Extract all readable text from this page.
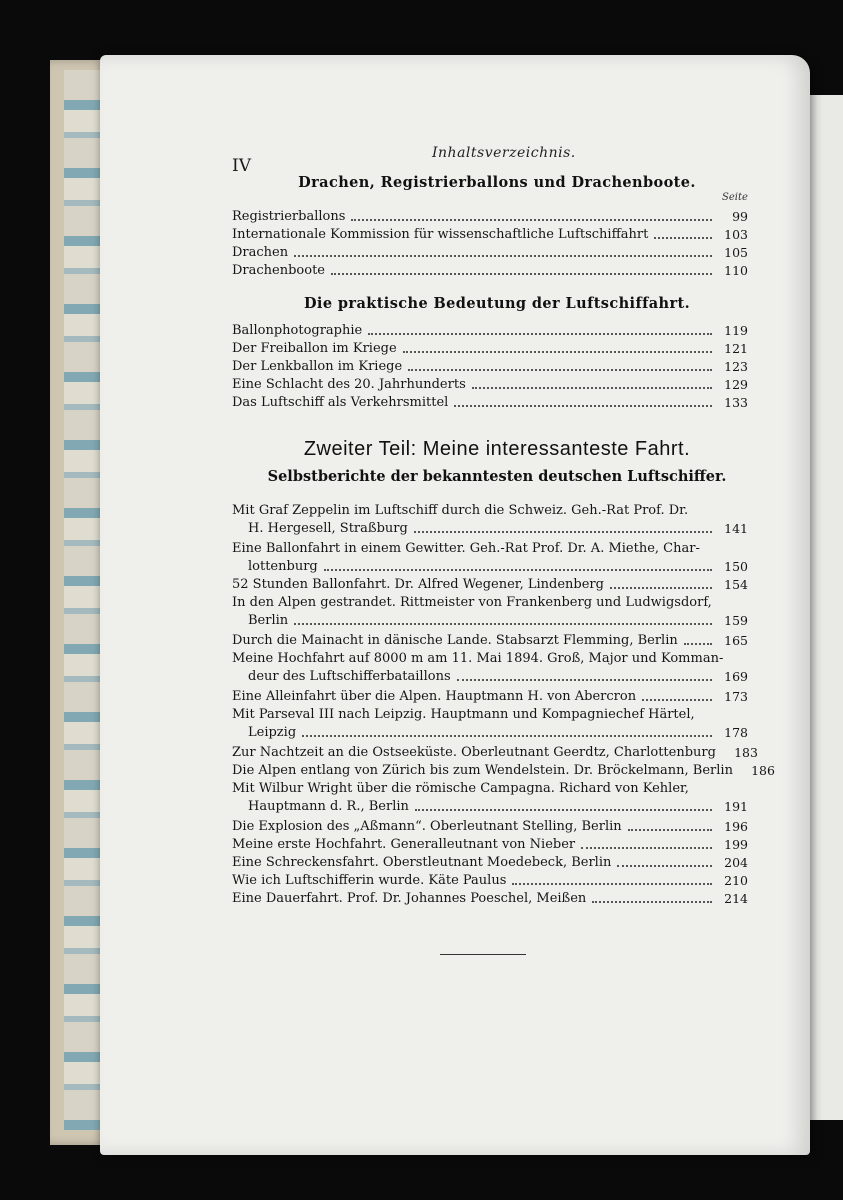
IV
Inhaltsverzeichnis.
Seite
Drachen, Registrierballons und Drachenboote.
Registrierballons	99
Internationale Kommission für wissenschaftliche Luftschiffahrt	103
Drachen	105
Drachenboote	110
Die praktische Bedeutung der Luftschiffahrt.
Ballonphotographie	119
Der Freiballon im Kriege	121
Der Lenkballon im Kriege	123
Eine Schlacht des 20. Jahrhunderts	129
Das Luftschiff als Verkehrsmittel	133
Zweiter Teil: Meine interessanteste Fahrt.
Selbstberichte der bekanntesten deutschen Luftschiffer.
Mit Graf Zeppelin im Luftschiff durch die Schweiz. Geh.-Rat Prof. Dr.
H. Hergesell, Straßburg	141
Eine Ballonfahrt in einem Gewitter. Geh.-Rat Prof. Dr. A. Miethe, Char-
lottenburg	150
52 Stunden Ballonfahrt. Dr. Alfred Wegener, Lindenberg	154
In den Alpen gestrandet. Rittmeister von Frankenberg und Ludwigsdorf,
Berlin	159
Durch die Mainacht in dänische Lande. Stabsarzt Flemming, Berlin	165
Meine Hochfahrt auf 8000 m am 11. Mai 1894. Groß, Major und Komman-
deur des Luftschifferbataillons	169
Eine Alleinfahrt über die Alpen. Hauptmann H. von Abercron	173
Mit Parseval III nach Leipzig. Hauptmann und Kompagniechef Härtel,
Leipzig	178
Zur Nachtzeit an die Ostseeküste. Oberleutnant Geerdtz, Charlottenburg	183
Die Alpen entlang von Zürich bis zum Wendelstein. Dr. Bröckelmann, Berlin	186
Mit Wilbur Wright über die römische Campagna. Richard von Kehler,
Hauptmann d. R., Berlin	191
Die Explosion des „Aßmann“. Oberleutnant Stelling, Berlin	196
Meine erste Hochfahrt. Generalleutnant von Nieber	199
Eine Schreckensfahrt. Oberstleutnant Moedebeck, Berlin	204
Wie ich Luftschifferin wurde. Käte Paulus	210
Eine Dauerfahrt. Prof. Dr. Johannes Poeschel, Meißen	214
